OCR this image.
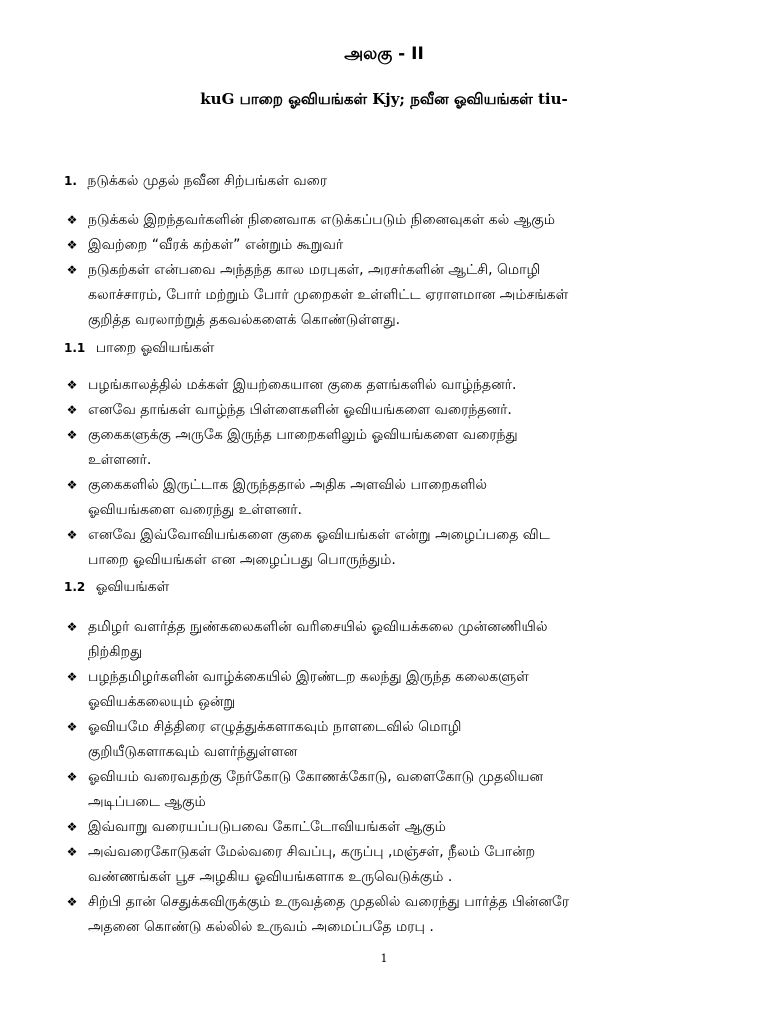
அலகு - II
kuG பாறை ஓவியங்கள் Kjy; நவீன ஓவியங்கள் tiu-
1. நடுக்கல் முதல் நவீன சிற்பங்கள் வரை
❖ நடுக்கல் இறந்தவர்களின் நினைவாக எடுக்கப்படும் நினைவுகள் கல் ஆகும்
❖ இவற்றை “வீரக் கற்கள்” என்றும் கூறுவர்
❖ நடுகற்கள் என்பவை அந்தந்த கால மரபுகள், அரசர்களின் ஆட்சி, மொழி
கலாச்சாரம், போர் மற்றும் போர் முறைகள் உள்ளிட்ட ஏராளமான அம்சங்கள்
குறித்த வரலாற்றுத் தகவல்களைக் கொண்டுள்ளது.
1.1 பாறை ஓவியங்கள்
❖ பழங்காலத்தில் மக்கள் இயற்கையான குகை தளங்களில் வாழ்ந்தனர்.
❖ எனவே தாங்கள் வாழ்ந்த பிள்ளைகளின் ஓவியங்களை வரைந்தனர்.
❖ குகைகளுக்கு அருகே இருந்த பாறைகளிலும் ஓவியங்களை வரைந்து
உள்ளனர்.
❖ குகைகளில் இருட்டாக இருந்ததால் அதிக அளவில் பாறைகளில்
ஓவியங்களை வரைந்து உள்ளனர்.
❖ எனவே இவ்வோவியங்களை குகை ஓவியங்கள் என்று அழைப்பதை விட
பாறை ஓவியங்கள் என அழைப்பது பொருந்தும்.
1.2 ஓவியங்கள்
❖ தமிழர் வளர்த்த நுண்கலைகளின் வரிசையில் ஓவியக்கலை முன்னணியில்
நிற்கிறது
❖ பழந்தமிழர்களின் வாழ்க்கையில் இரண்டற கலந்து இருந்த கலைகளுள்
ஓவியக்கலையும் ஒன்று
❖ ஓவியமே சித்திரை எழுத்துக்களாகவும் நாளடைவில் மொழி
குறியீடுகளாகவும் வளர்ந்துள்ளன
❖ ஓவியம் வரைவதற்கு நேர்கோடு கோணக்கோடு, வளைகோடு முதலியன
அடிப்படை ஆகும்
❖ இவ்வாறு வரையப்படுபவை கோட்டோவியங்கள் ஆகும்
❖ அவ்வரைகோடுகள் மேல்வரை சிவப்பு, கருப்பு ,மஞ்சள், நீலம் போன்ற
வண்ணங்கள் பூச அழகிய ஓவியங்களாக உருவெடுக்கும் .
❖ சிற்பி தான் செதுக்கவிருக்கும் உருவத்தை முதலில் வரைந்து பார்த்த பின்னரே
அதனை கொண்டு கல்லில் உருவம் அமைப்பதே மரபு .
1
